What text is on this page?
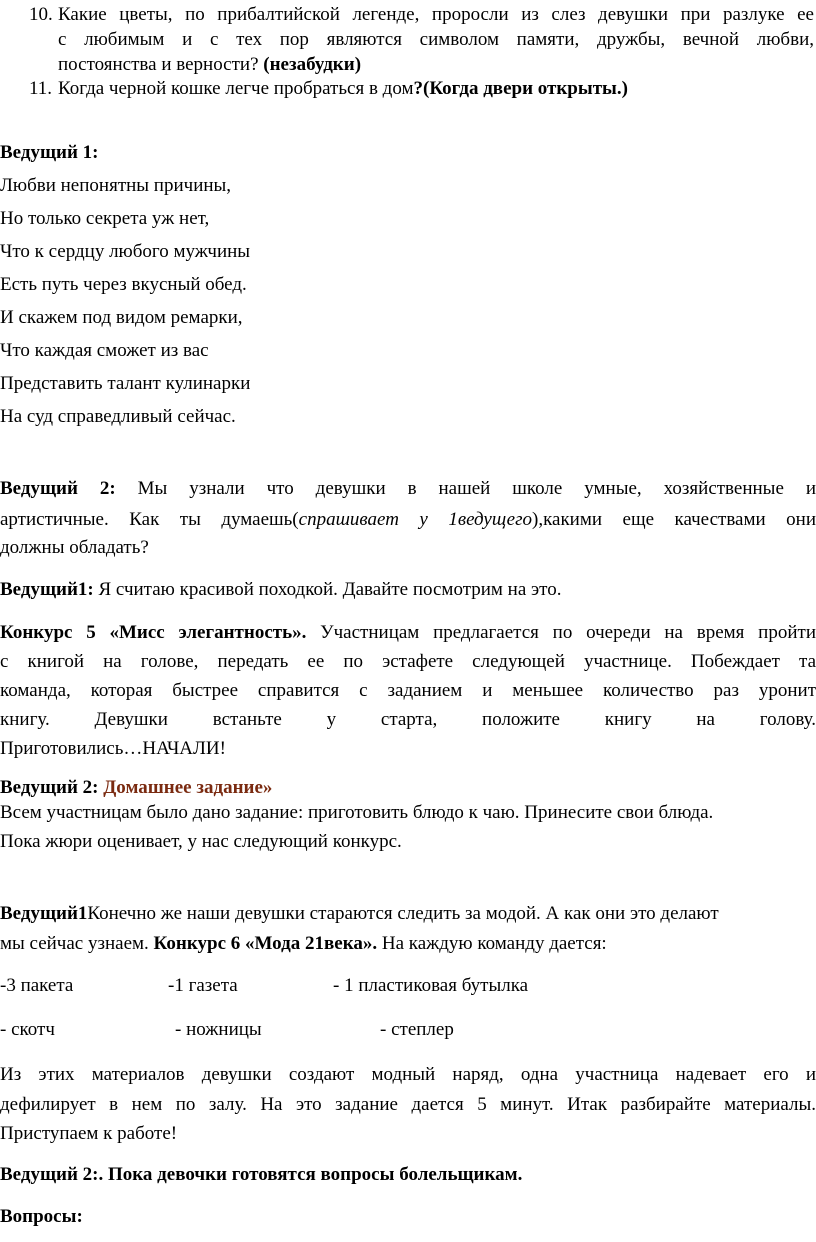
10. Какие цветы, по прибалтийской легенде, проросли из слез девушки при разлуке ее
с любимым и с тех пор являются символом памяти, дружбы, вечной любви,
постоянства и верности? (незабудки)
11. Когда черной кошке легче пробраться в дом?(Когда двери открыты.)
Ведущий 1:
Любви непонятны причины,
Но только секрета уж нет,
Что к сердцу любого мужчины
Есть путь через вкусный обед.
И скажем под видом ремарки,
Что каждая сможет из вас
Представить талант кулинарки
На суд справедливый сейчас.
Ведущий 2: Мы узнали что девушки в нашей школе умные, хозяйственные и
артистичные. Как ты думаешь(спрашивает у 1ведущего),какими еще качествами они
должны обладать?
Ведущий1: Я считаю красивой походкой. Давайте посмотрим на это.
Конкурс 5 «Мисс элегантность». Участницам предлагается по очереди на время пройти
с книгой на голове, передать ее по эстафете следующей участнице. Побеждает та
команда, которая быстрее справится с заданием и меньшее количество раз уронит
книгу. Девушки встаньте у старта, положите книгу на голову.
Приготовились…НАЧАЛИ!
Ведущий 2: Домашнее задание»
Всем участницам было дано задание: приготовить блюдо к чаю. Принесите свои блюда.
Пока жюри оценивает, у нас следующий конкурс.
Ведущий1Конечно же наши девушки стараются следить за модой. А как они это делают
мы сейчас узнаем. Конкурс 6 «Мода 21века». На каждую команду дается:
-3 пакета	-1 газета	- 1 пластиковая бутылка
- скотч	- ножницы	- степлер
Из этих материалов девушки создают модный наряд, одна участница надевает его и
дефилирует в нем по залу. На это задание дается 5 минут. Итак разбирайте материалы.
Приступаем к работе!
Ведущий 2:. Пока девочки готовятся вопросы болельщикам.
Вопросы:
